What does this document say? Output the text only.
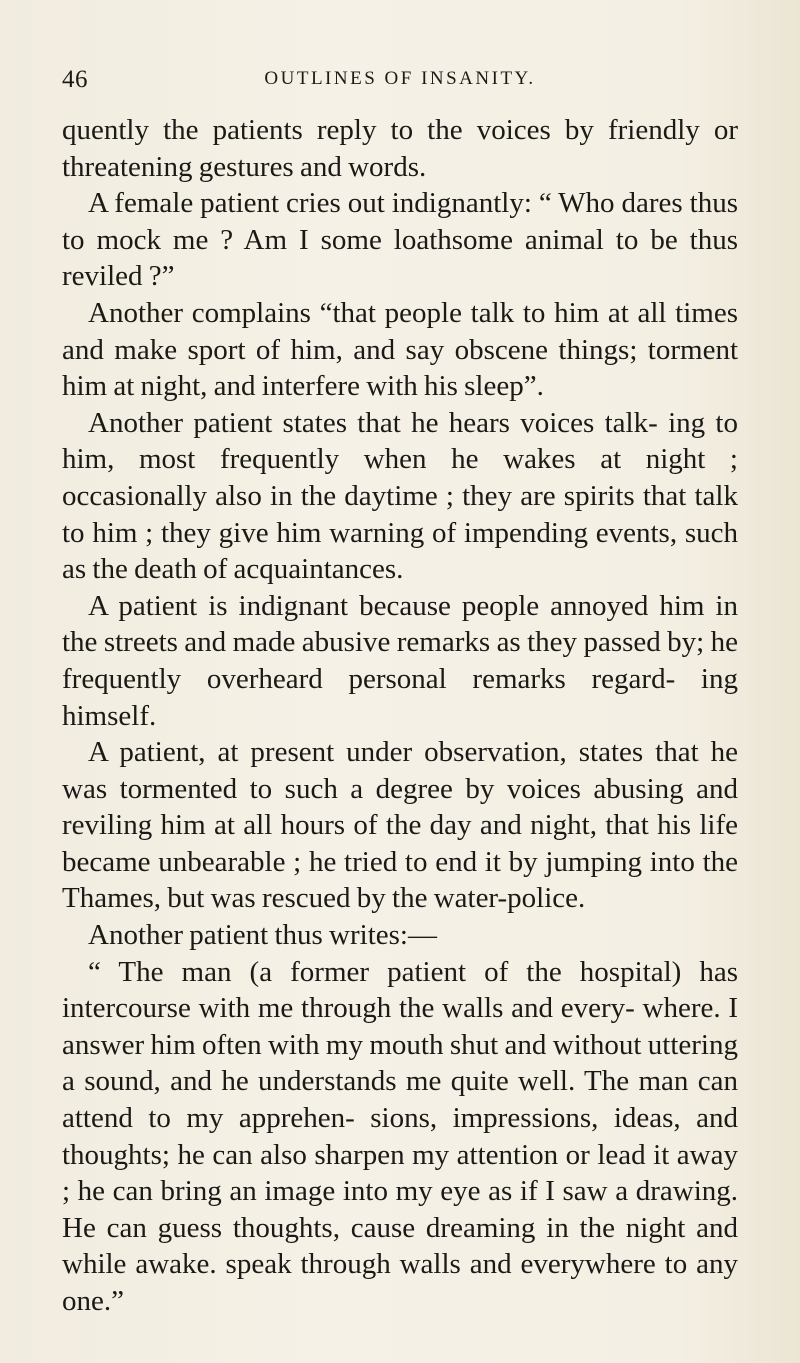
46	OUTLINES OF INSANITY.

quently the patients reply to the voices by friendly or threatening gestures and words.

A female patient cries out indignantly: “ Who dares thus to mock me ? Am I some loathsome animal to be thus reviled ?”

Another complains “that people talk to him at all times and make sport of him, and say obscene things; torment him at night, and interfere with his sleep”.

Another patient states that he hears voices talk- ing to him, most frequently when he wakes at night ; occasionally also in the daytime ; they are spirits that talk to him ; they give him warning of impending events, such as the death of acquaintances.

A patient is indignant because people annoyed him in the streets and made abusive remarks as they passed by; he frequently overheard personal remarks regard- ing himself.

A patient, at present under observation, states that he was tormented to such a degree by voices abusing and reviling him at all hours of the day and night, that his life became unbearable ; he tried to end it by jumping into the Thames, but was rescued by the water-police.

Another patient thus writes:—

“ The man (a former patient of the hospital) has intercourse with me through the walls and every- where. I answer him often with my mouth shut and without uttering a sound, and he understands me quite well. The man can attend to my apprehen- sions, impressions, ideas, and thoughts; he can also sharpen my attention or lead it away ; he can bring an image into my eye as if I saw a drawing. He can guess thoughts, cause dreaming in the night and while awake. speak through walls and everywhere to any one.”
